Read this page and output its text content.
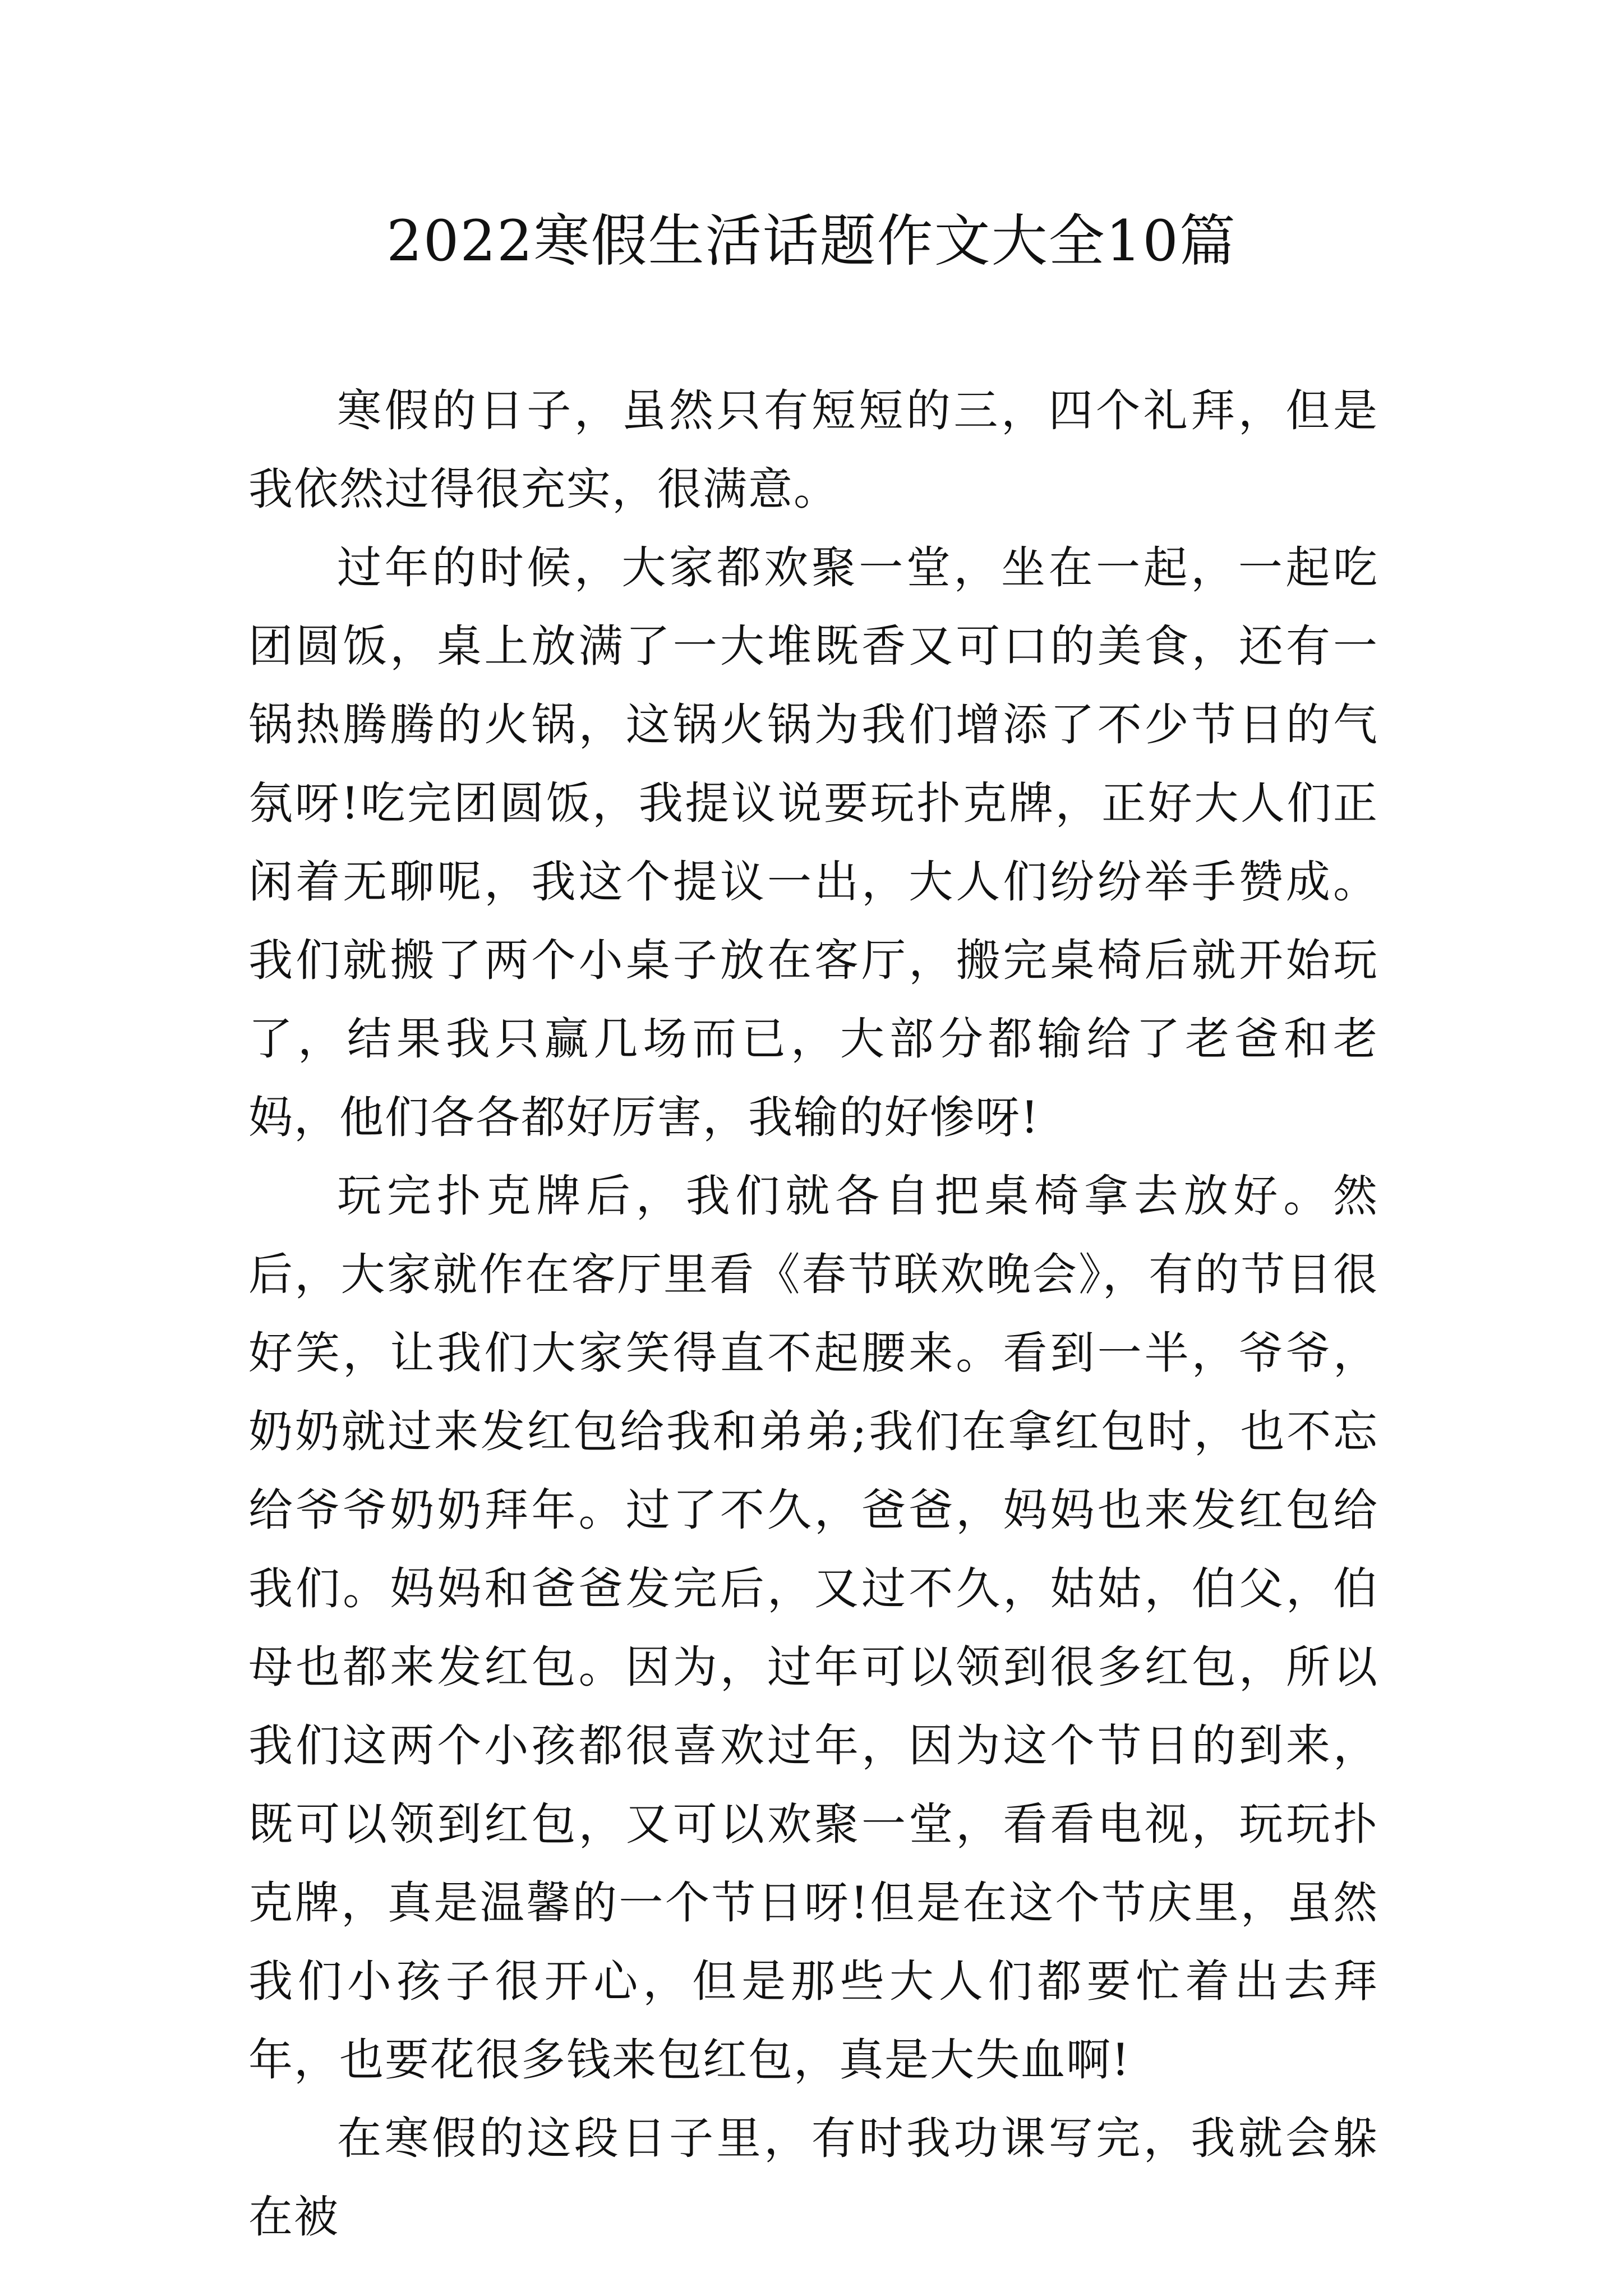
2022寒假生活话题作文大全10篇

寒假的日子，虽然只有短短的三，四个礼拜，但是我依然过得很充实，很满意。

过年的时候，大家都欢聚一堂，坐在一起，一起吃团圆饭，桌上放满了一大堆既香又可口的美食，还有一锅热腾腾的火锅，这锅火锅为我们增添了不少节日的气氛呀!吃完团圆饭，我提议说要玩扑克牌，正好大人们正闲着无聊呢，我这个提议一出，大人们纷纷举手赞成。我们就搬了两个小桌子放在客厅，搬完桌椅后就开始玩了，结果我只赢几场而已，大部分都输给了老爸和老妈，他们各各都好厉害，我输的好惨呀!

玩完扑克牌后，我们就各自把桌椅拿去放好。然后，大家就作在客厅里看《春节联欢晚会》，有的节目很好笑，让我们大家笑得直不起腰来。看到一半，爷爷，奶奶就过来发红包给我和弟弟;我们在拿红包时，也不忘给爷爷奶奶拜年。过了不久，爸爸，妈妈也来发红包给我们。妈妈和爸爸发完后，又过不久，姑姑，伯父，伯母也都来发红包。因为，过年可以领到很多红包，所以我们这两个小孩都很喜欢过年，因为这个节日的到来，既可以领到红包，又可以欢聚一堂，看看电视，玩玩扑克牌，真是温馨的一个节日呀!但是在这个节庆里，虽然我们小孩子很开心，但是那些大人们都要忙着出去拜年，也要花很多钱来包红包，真是大失血啊!

在寒假的这段日子里，有时我功课写完，我就会躲在被
